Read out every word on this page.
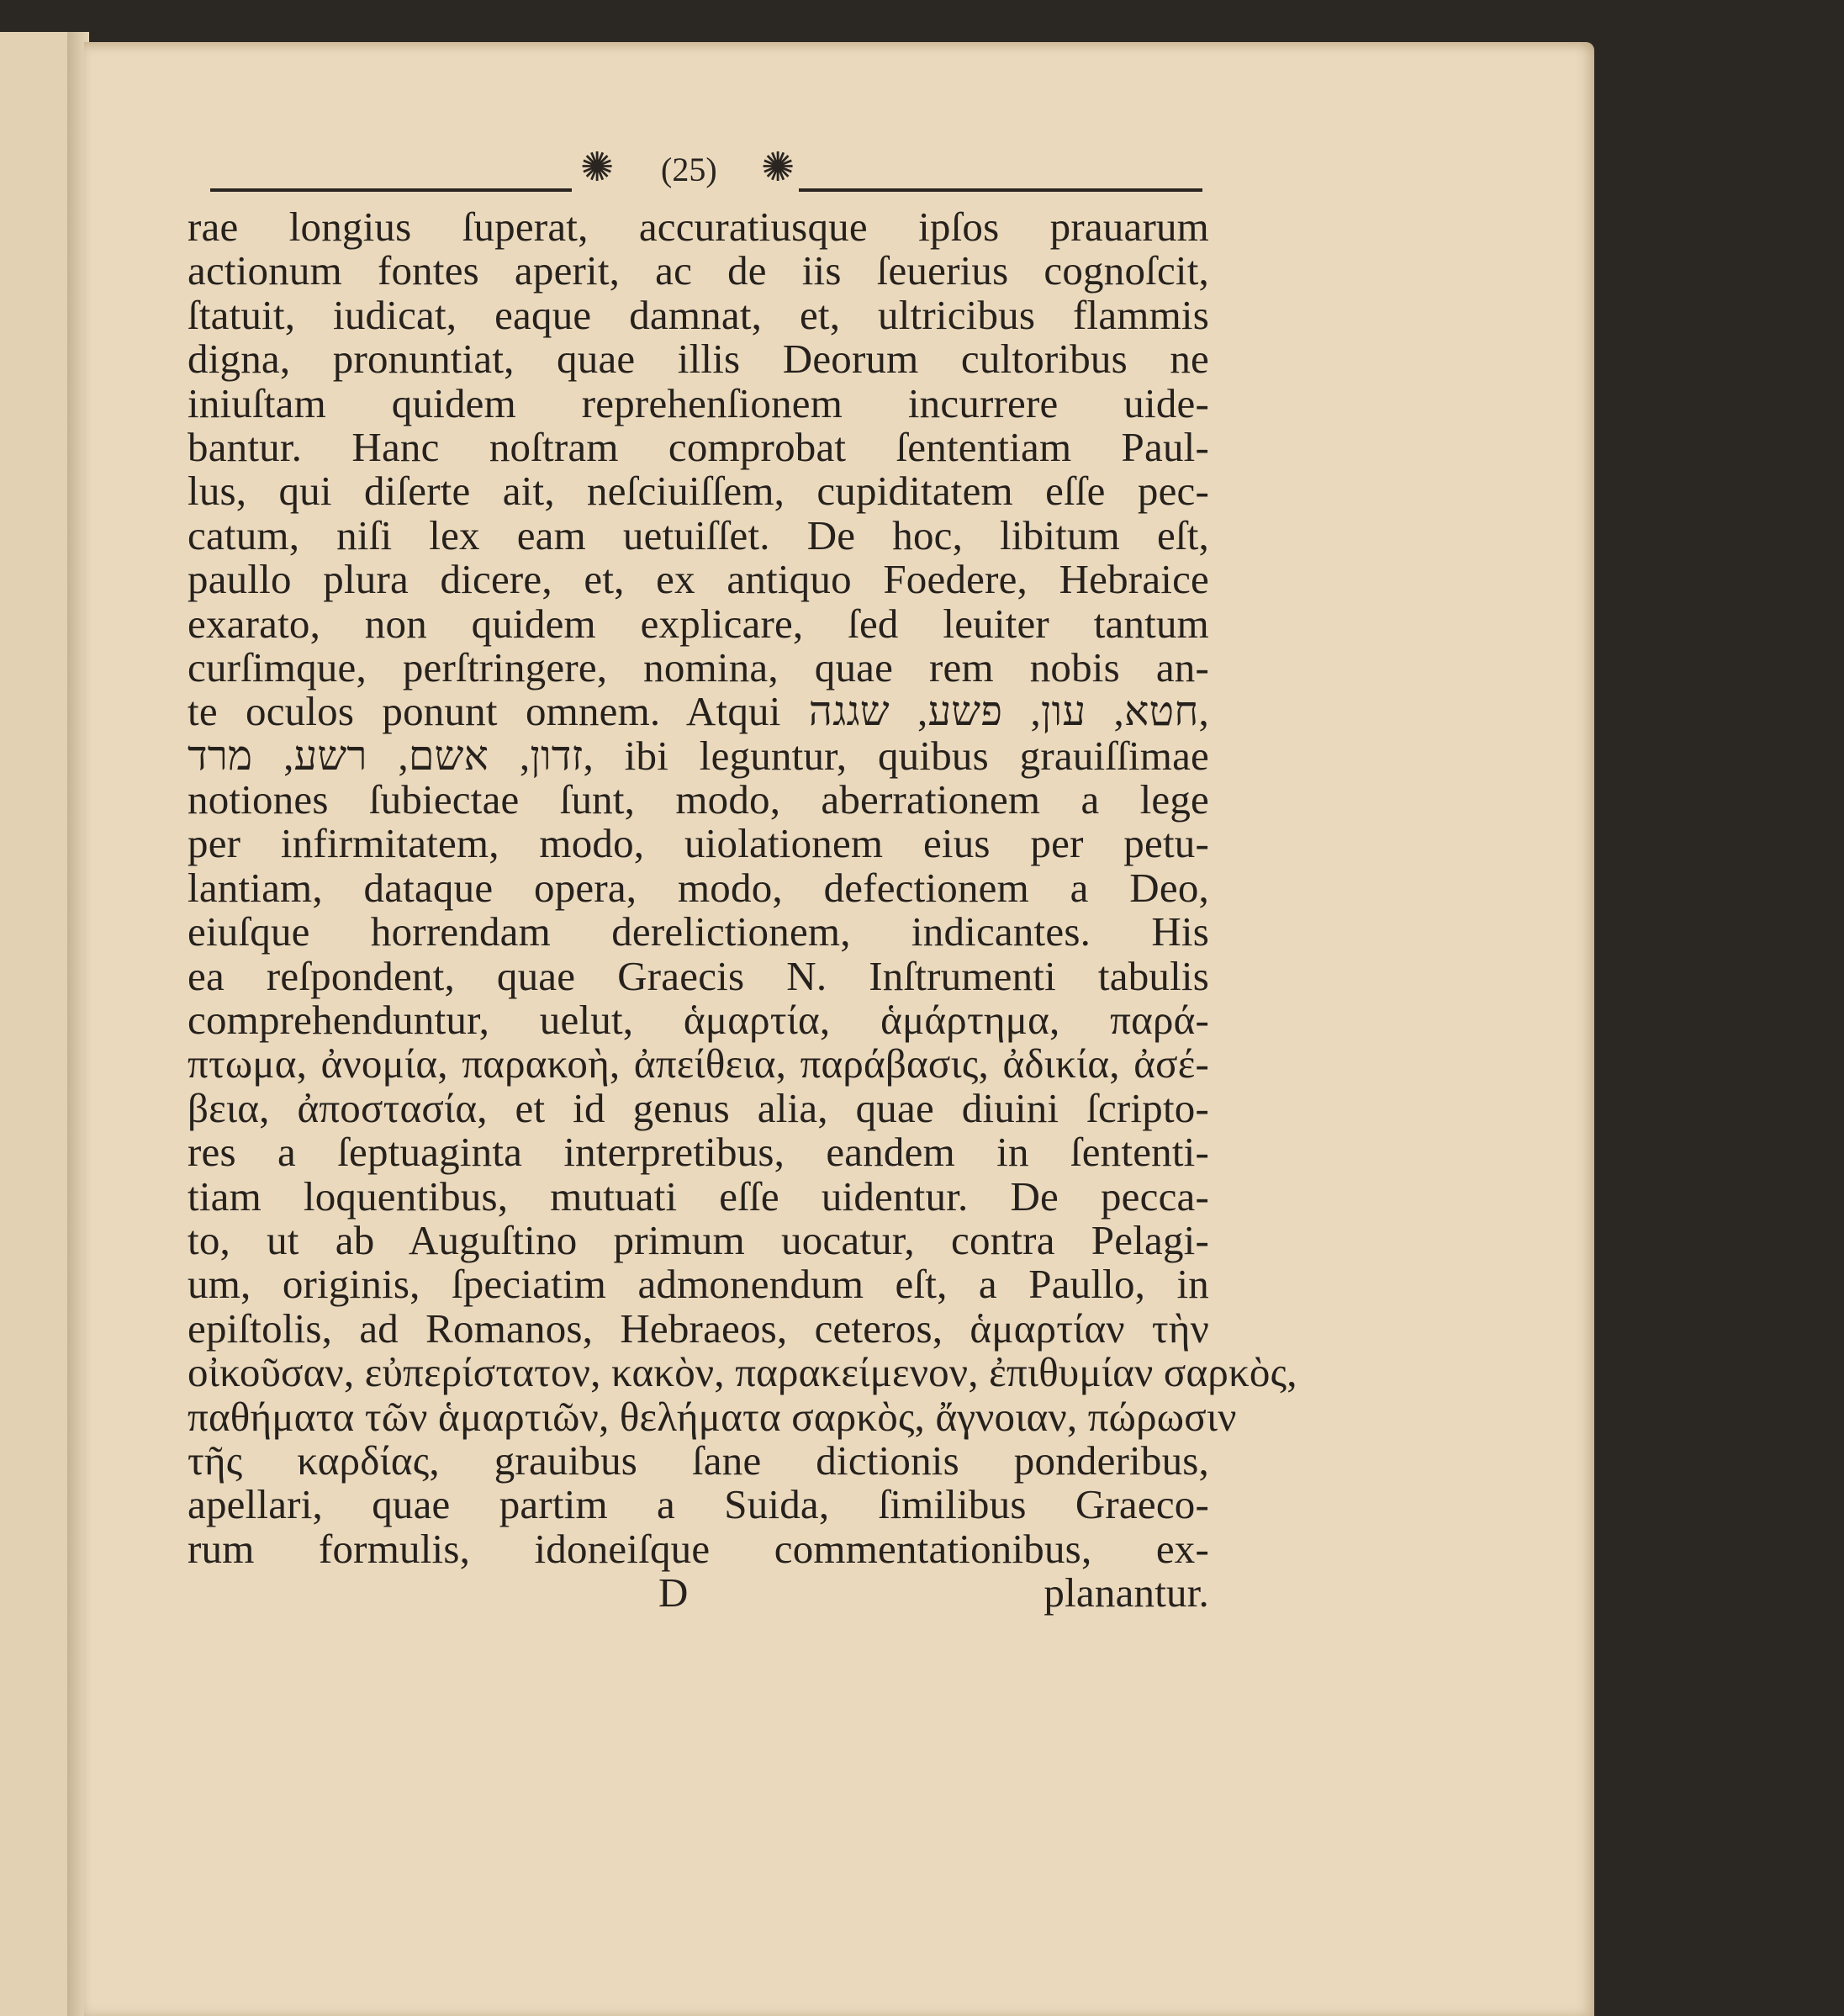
✺ (25) ✺
rae longius ſuperat, accuratiusque ipſos prauarum
actionum fontes aperit, ac de iis ſeuerius cognoſcit,
ſtatuit, iudicat, eaque damnat, et, ultricibus flammis
digna, pronuntiat, quae illis Deorum cultoribus ne
iniuſtam quidem reprehenſionem incurrere uide-
bantur. Hanc noſtram comprobat ſententiam Paul-
lus, qui diſerte ait, neſciuiſſem, cupiditatem eſſe pec-
catum, niſi lex eam uetuiſſet. De hoc, libitum eſt,
paullo plura dicere, et, ex antiquo Foedere, Hebraice
exarato, non quidem explicare, ſed leuiter tantum
curſimque, perſtringere, nomina, quae rem nobis an-
te oculos ponunt omnem. Atqui חטא, עון, פשע, שגגה,
זדון, אשם, רשע, מרד, ibi leguntur, quibus grauiſſimae
notiones ſubiectae ſunt, modo, aberrationem a lege
per infirmitatem, modo, uiolationem eius per petu-
lantiam, dataque opera, modo, defectionem a Deo,
eiuſque horrendam derelictionem, indicantes. His
ea reſpondent, quae Graecis N. Inſtrumenti tabulis
comprehenduntur, uelut, ἁμαρτία, ἁμάρτημα, παρά-
πτωμα, ἀνομία, παρακοὴ, ἀπείθεια, παράβασις, ἀδικία, ἀσέ-
βεια, ἀποστασία, et id genus alia, quae diuini ſcripto-
res a ſeptuaginta interpretibus, eandem in ſententi-
tiam loquentibus, mutuati eſſe uidentur. De pecca-
to, ut ab Auguſtino primum uocatur, contra Pelagi-
um, originis, ſpeciatim admonendum eſt, a Paullo, in
epiſtolis, ad Romanos, Hebraeos, ceteros, ἁμαρτίαν τὴν
οἰκοῦσαν, εὐπερίστατον, κακὸν, παρακείμενον, ἐπιθυμίαν σαρκὸς,
παθήματα τῶν ἁμαρτιῶν, θελήματα σαρκὸς, ἄγνοιαν, πώρωσιν
τῆς καρδίας, grauibus ſane dictionis ponderibus,
apellari, quae partim a Suida, ſimilibus Graeco-
rum formulis, idoneiſque commentationibus, ex-
D	planantur.
